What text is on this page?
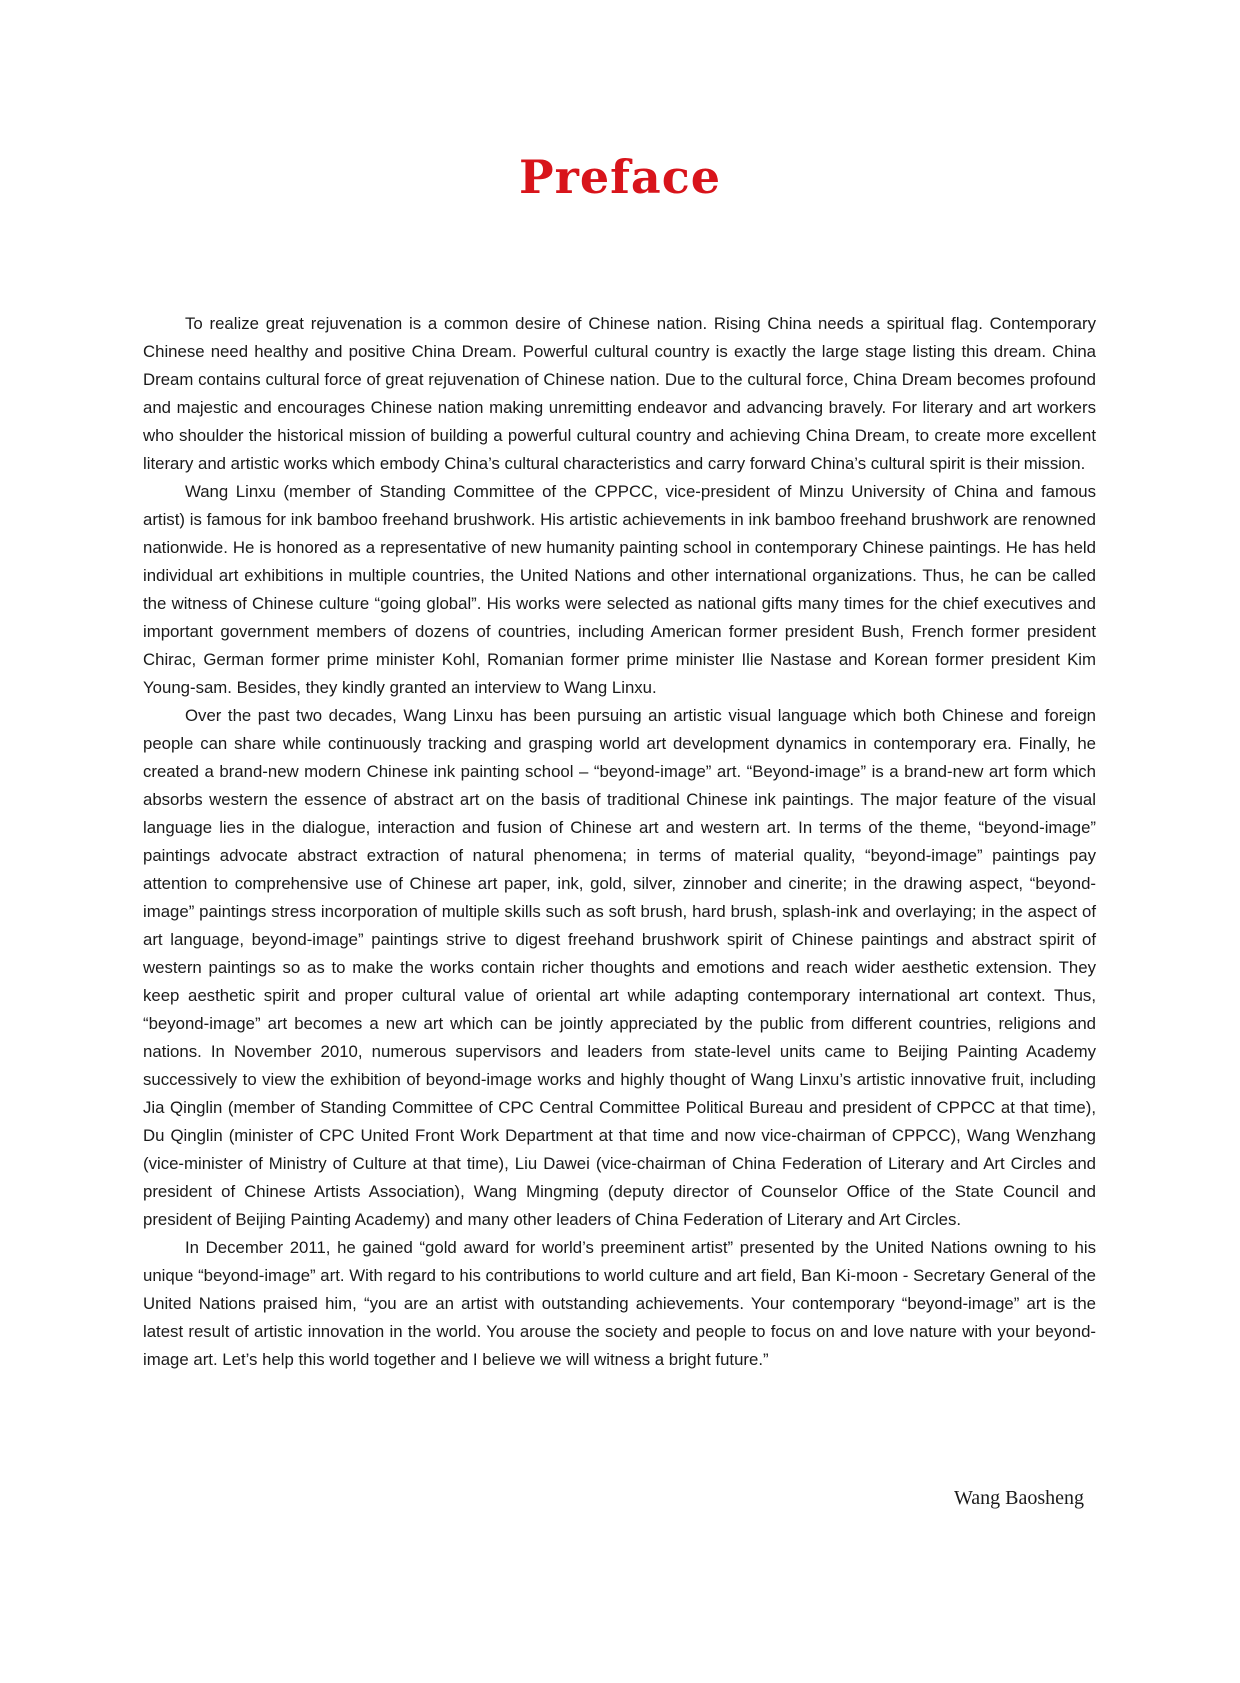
Preface

To realize great rejuvenation is a common desire of Chinese nation. Rising China needs a spiritual flag. Contemporary Chinese need healthy and positive China Dream. Powerful cultural country is exactly the large stage listing this dream. China Dream contains cultural force of great rejuvenation of Chinese nation. Due to the cultural force, China Dream becomes profound and majestic and encourages Chinese nation making unremitting endeavor and advancing bravely. For literary and art workers who shoulder the historical mission of building a powerful cultural country and achieving China Dream, to create more excellent literary and artistic works which embody China’s cultural characteristics and carry forward China’s cultural spirit is their mission.

Wang Linxu (member of Standing Committee of the CPPCC, vice-president of Minzu University of China and famous artist) is famous for ink bamboo freehand brushwork. His artistic achievements in ink bamboo freehand brushwork are renowned nationwide. He is honored as a representative of new humanity painting school in contemporary Chinese paintings. He has held individual art exhibitions in multiple countries, the United Nations and other international organizations. Thus, he can be called the witness of Chinese culture “going global”. His works were selected as national gifts many times for the chief executives and important government members of dozens of countries, including American former president Bush, French former president Chirac, German former prime minister Kohl, Romanian former prime minister Ilie Nastase and Korean former president Kim Young-sam. Besides, they kindly granted an interview to Wang Linxu.

Over the past two decades, Wang Linxu has been pursuing an artistic visual language which both Chinese and foreign people can share while continuously tracking and grasping world art development dynamics in contemporary era. Finally, he created a brand-new modern Chinese ink painting school – “beyond-image” art. “Beyond-image” is a brand-new art form which absorbs western the essence of abstract art on the basis of traditional Chinese ink paintings. The major feature of the visual language lies in the dialogue, interaction and fusion of Chinese art and western art. In terms of the theme, “beyond-image” paintings advocate abstract extraction of natural phenomena; in terms of material quality, “beyond-image” paintings pay attention to comprehensive use of Chinese art paper, ink, gold, silver, zinnober and cinerite; in the drawing aspect, “beyond-image” paintings stress incorporation of multiple skills such as soft brush, hard brush, splash-ink and overlaying; in the aspect of art language, beyond-image” paintings strive to digest freehand brushwork spirit of Chinese paintings and abstract spirit of western paintings so as to make the works contain richer thoughts and emotions and reach wider aesthetic extension. They keep aesthetic spirit and proper cultural value of oriental art while adapting contemporary international art context. Thus, “beyond-image” art becomes a new art which can be jointly appreciated by the public from different countries, religions and nations. In November 2010, numerous supervisors and leaders from state-level units came to Beijing Painting Academy successively to view the exhibition of beyond-image works and highly thought of Wang Linxu’s artistic innovative fruit, including Jia Qinglin (member of Standing Committee of CPC Central Committee Political Bureau and president of CPPCC at that time), Du Qinglin (minister of CPC United Front Work Department at that time and now vice-chairman of CPPCC), Wang Wenzhang (vice-minister of Ministry of Culture at that time), Liu Dawei (vice-chairman of China Federation of Literary and Art Circles and president of Chinese Artists Association), Wang Mingming (deputy director of Counselor Office of the State Council and president of Beijing Painting Academy) and many other leaders of China Federation of Literary and Art Circles.

In December 2011, he gained “gold award for world’s preeminent artist” presented by the United Nations owning to his unique “beyond-image” art. With regard to his contributions to world culture and art field, Ban Ki-moon - Secretary General of the United Nations praised him, “you are an artist with outstanding achievements. Your contemporary “beyond-image” art is the latest result of artistic innovation in the world. You arouse the society and people to focus on and love nature with your beyond-image art. Let’s help this world together and I believe we will witness a bright future.”

Wang Baosheng
